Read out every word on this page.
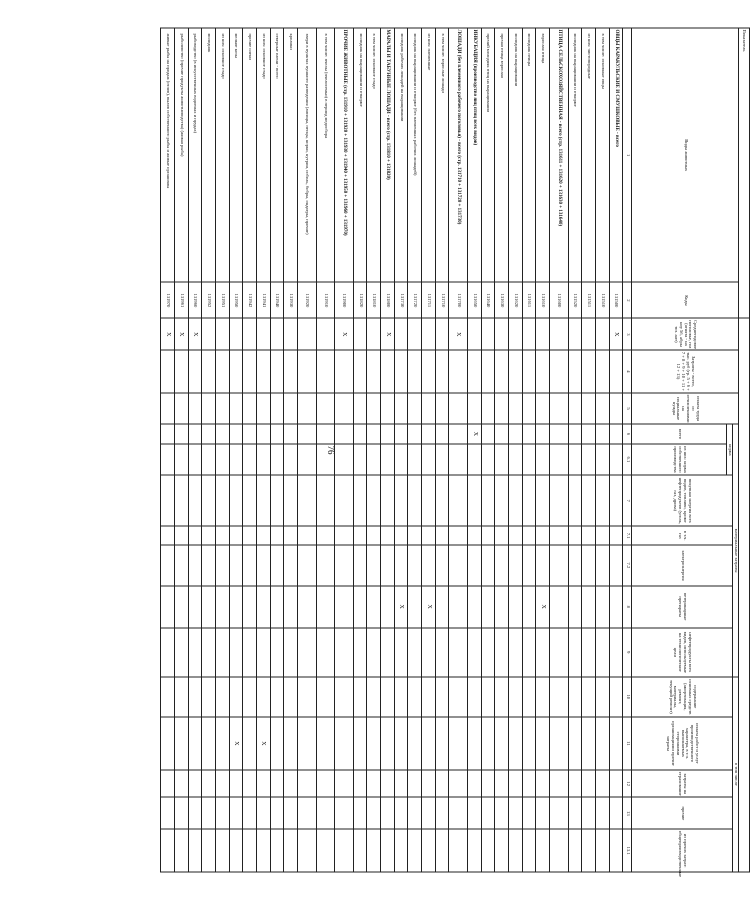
76
Показатель																
Виды животных	Коды	Среднегодовое поголовье, гол (ягнята - на ноу 5б, абры тоз. аит)	Затраты - всего, тыс. руб (гр. 5 + 6 + 7 + 8 + 9 + 10 + 11 + 12 + 13)	оплата труда со отчислениями на социальные нужды	материальные затраты							в том числе				
					корма		покупная энергия всех видов, топливо, кроме нефтепродуктов (уголь, газ, дрова)	в т.ч. газ	электроэнергия	ветеринарные препараты	нефтепродукты всех видов, используемые на технологические цели	содержание основных средств (амортизация, ремонт, материалы, текущий ремонт)	оплата работ и услуг производственного характера, в т.ч. выполняемых сторонними организациями прочие затраты	затраты на страхование	прочие	из прочих затрат: общепроизводственные
					всего	из них: корма собственного производства										
1	2	3	4	5	6	6.1	7	7.1	7.2	8	9	10	11	12	13	13.1
ОВЦЫ КАРАКУЛЬСКИЕ И СМУШКОВЫЕ - всего	131500	X														
в том числе: основные овцы	131510															
из них: чистопородные	131511															
молодняк на выращивании и откорме	131520															
ПТИЦА СЕЛЬСКОХОЗЯЙСТВЕННАЯ - всего (стр. 131611 + 131620 + 131630 + 131640)	131600															
взрослая птица	131610									X						
молодняк птицы	131611															
молодняк на выращивании	131620															
прочая птица взрослая	131630															
прочий молодняк птиц на выращивании	131640															
ИНКУБАЦИЯ (производство яиц птиц всех видов)	131650				X											
ЛОШАДИ (без племенного рабочего поголовья) - всего (стр. 131710 + 131720 + 131730)	131700	X														
в том числе: взрослые лошади	131710															
из них: племенные	131711									X						
молодняк на выращивании и откорме (без племенных рабочих лошадей)	131720															
молодняк рабочих лошадей на выращивании	131730									X						
МАРАЛЫ И ТАБУННЫЕ ЛОШАДИ - всего (стр. 131810 + 131820)	131800	X														
в том числе: основное стадо	131810															
молодняк на выращивании и откорме	131820															
ПРОЧИЕ ЖИВОТНЫЕ (стр. 131910 + 131920 + 131930 + 131940 + 131950 + 131960 + 131970)	131900	X														
в том числе: пчелы (пчелосемьи) в период медосбора	131910															
звери в пунктах пушного разведения (лисицы, песцы, норки, нутрии, соболь, бобры, ондатры, прочие)	131920															
кролики	131930															
северные олени - всего	131940															
из них: основное стадо	131941												X			
прочие олени	131942															
мелкие козы	131950												X			
из них: основное стадо	131951															
молодняк	131952															
рыбоводство (в искусственных водоемах и прудах)	131960	X														
рыболовство (прочие продукты животноводства) (живая рыба)	131961	X														
живые рыбы на продаж (отлов), вылов собственного рыбы и живые организмы	131970	X														
